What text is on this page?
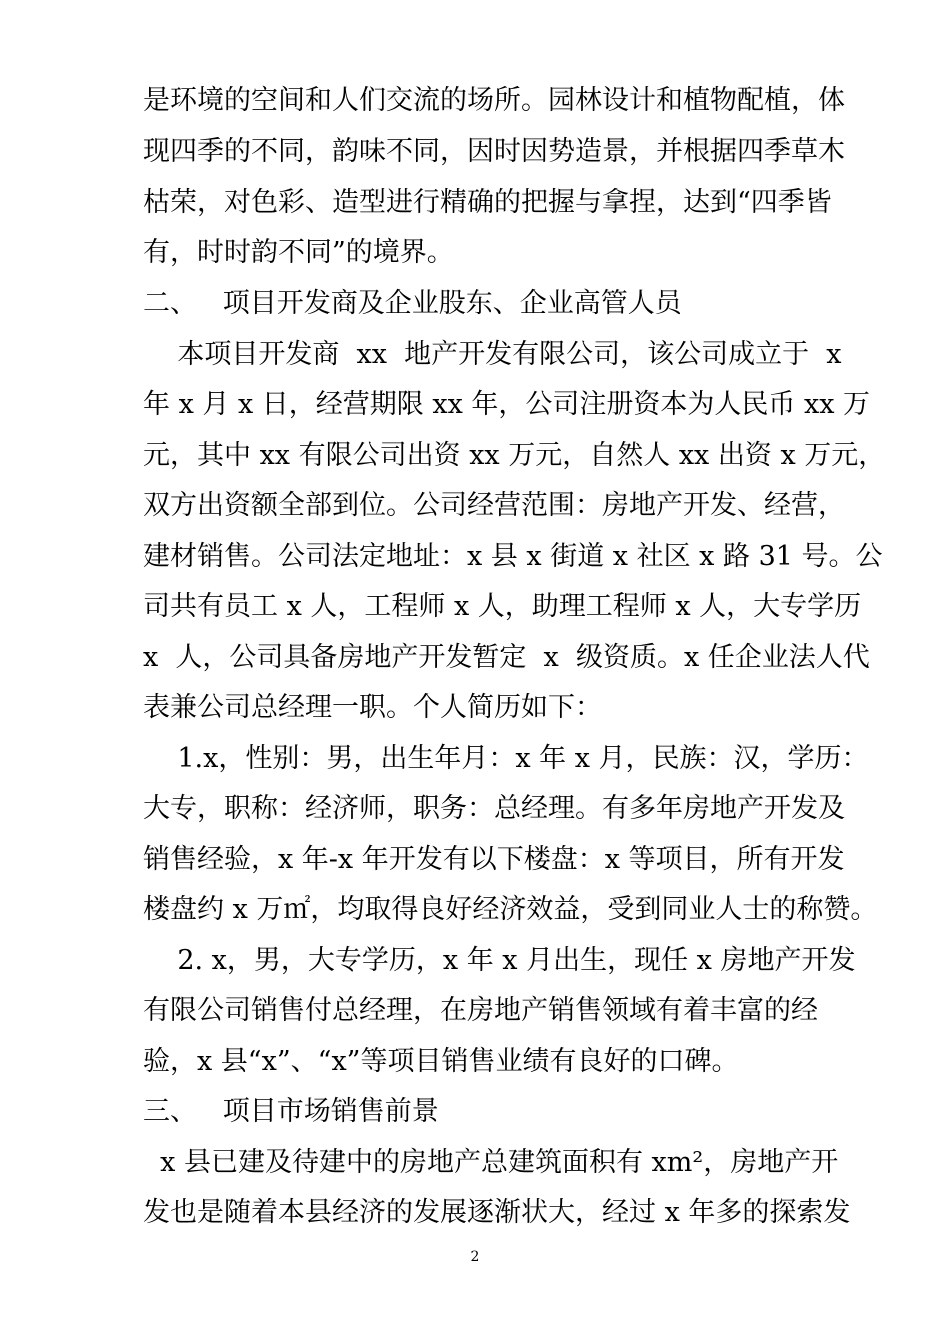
是环境的空间和人们交流的场所。园林设计和植物配植，体
现四季的不同，韵味不同，因时因势造景，并根据四季草木
枯荣，对色彩、造型进行精确的把握与拿捏，达到“四季皆
有，时时韵不同”的境界。
二、   项目开发商及企业股东、企业高管人员
本项目开发商  xx  地产开发有限公司，该公司成立于  x
年 x 月 x 日，经营期限 xx 年，公司注册资本为人民币 xx 万
元，其中 xx 有限公司出资 xx 万元，自然人 xx 出资 x 万元，
双方出资额全部到位。公司经营范围：房地产开发、经营，
建材销售。公司法定地址：x 县 x 街道 x 社区 x 路 31 号。公
司共有员工 x 人，工程师 x 人，助理工程师 x 人，大专学历
x  人，公司具备房地产开发暂定  x  级资质。x 任企业法人代
表兼公司总经理一职。个人简历如下：
1.x，性别：男，出生年月：x 年 x 月，民族：汉，学历：
大专，职称：经济师，职务：总经理。有多年房地产开发及
销售经验，x 年-x 年开发有以下楼盘：x 等项目，所有开发
楼盘约 x 万㎡，均取得良好经济效益，受到同业人士的称赞。
2. x，男，大专学历，x 年 x 月出生，现任 x 房地产开发
有限公司销售付总经理，在房地产销售领域有着丰富的经
验，x 县“x”、“x”等项目销售业绩有良好的口碑。
三、   项目市场销售前景
x 县已建及待建中的房地产总建筑面积有 xm²，房地产开
发也是随着本县经济的发展逐渐状大，经过 x 年多的探索发
2
